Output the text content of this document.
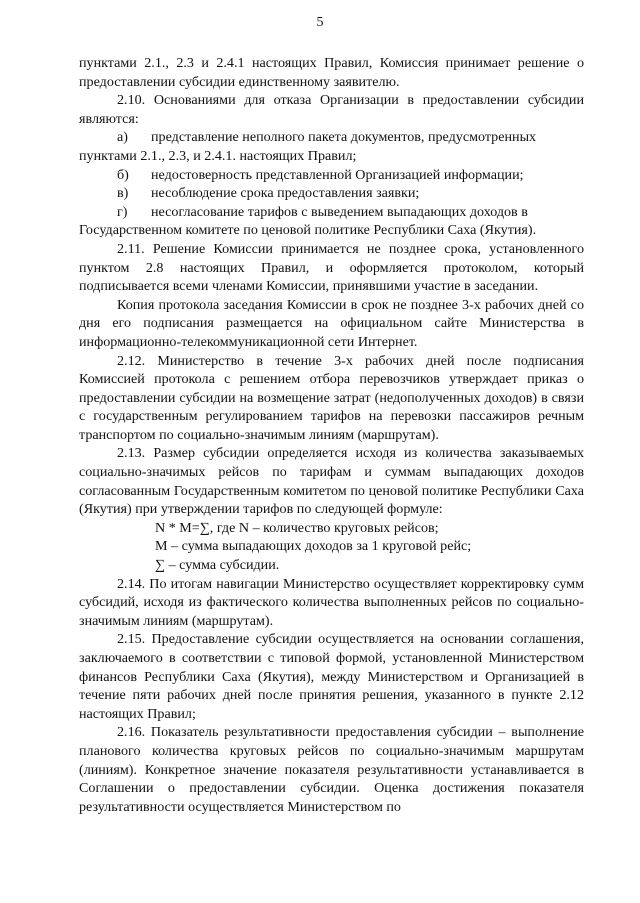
5

пунктами 2.1., 2.3 и 2.4.1 настоящих Правил, Комиссия принимает решение о предоставлении субсидии единственному заявителю.

2.10. Основаниями для отказа Организации в предоставлении субсидии являются:

а)	представление неполного пакета документов, предусмотренных
пунктами 2.1., 2.3, и 2.4.1. настоящих Правил;
б)	недостоверность представленной Организацией информации;
в)	несоблюдение срока предоставления заявки;
г)	несогласование тарифов с выведением выпадающих доходов в
Государственном комитете по ценовой политике Республики Саха (Якутия).

2.11. Решение Комиссии принимается не позднее срока, установленного пунктом 2.8 настоящих Правил, и оформляется протоколом, который подписывается всеми членами Комиссии, принявшими участие в заседании.

Копия протокола заседания Комиссии в срок не позднее 3-х рабочих дней со дня его подписания размещается на официальном сайте Министерства в информационно-телекоммуникационной сети Интернет.

2.12. Министерство в течение 3-х рабочих дней после подписания Комиссией протокола с решением отбора перевозчиков утверждает приказ о предоставлении субсидии на возмещение затрат (недополученных доходов) в связи с государственным регулированием тарифов на перевозки пассажиров речным транспортом по социально-значимым линиям (маршрутам).

2.13. Размер субсидии определяется исходя из количества заказываемых социально-значимых рейсов по тарифам и суммам выпадающих доходов согласованным Государственным комитетом по ценовой политике Республики Саха (Якутия) при утверждении тарифов по следующей формуле:

N * M=∑, где N – количество круговых рейсов;
М – сумма выпадающих доходов за 1 круговой рейс;
∑ – сумма субсидии.

2.14. По итогам навигации Министерство осуществляет корректировку сумм субсидий, исходя из фактического количества выполненных рейсов по социально-значимым линиям (маршрутам).

2.15. Предоставление субсидии осуществляется на основании соглашения, заключаемого в соответствии с типовой формой, установленной Министерством финансов Республики Саха (Якутия), между Министерством и Организацией в течение пяти рабочих дней после принятия решения, указанного в пункте 2.12 настоящих Правил;

2.16. Показатель результативности предоставления субсидии – выполнение планового количества круговых рейсов по социально-значимым маршрутам (линиям). Конкретное значение показателя результативности устанавливается в Соглашении о предоставлении субсидии. Оценка достижения показателя результативности осуществляется Министерством по
